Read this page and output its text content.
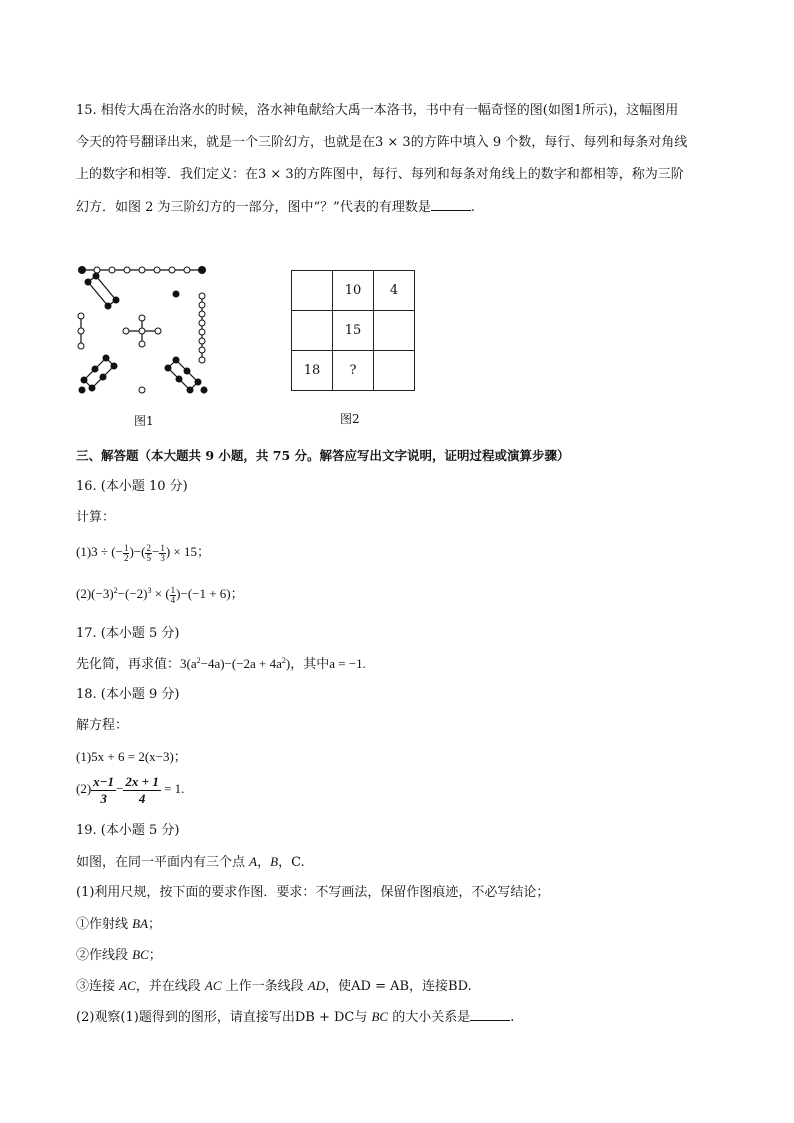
15. 相传大禹在治洛水的时候，洛水神龟献给大禹一本洛书，书中有一幅奇怪的图(如图1所示)，这幅图用
今天的符号翻译出来，就是一个三阶幻方，也就是在3 × 3的方阵中填入 9 个数，每行、每列和每条对角线
上的数字和相等．我们定义：在3 × 3的方阵图中，每行、每列和每条对角线上的数字和都相等，称为三阶
幻方．如图 2 为三阶幻方的一部分，图中“？”代表的有理数是	.
图1
	10	4
	15	
18	?	
图2
三、解答题（本大题共 9 小题，共 75 分。解答应写出文字说明，证明过程或演算步骤）
16. (本小题 10 分)
计算：
(1)3 ÷ (− $\frac{1}{2}$ )−( $\frac{2}{5} - \frac{1}{3}$ ) × 15；
$(2)(-3)^2-(-2)^3$ × ( $\frac{1}{4} )-(-1 + 6)$；
17. (本小题 5 分)
先化简，再求值：$3(a^2-4a)-(-2a + 4a^2)$，其中a = −1.
18. (本小题 9 分)
解方程：
(1)5x + 6 = 2(x−3)；
$(2) \frac{x-1}{3} - \frac{2x + 1}{4} = 1$.
19. (本小题 5 分)
如图，在同一平面内有三个点 A，B，C.
(1)利用尺规，按下面的要求作图．要求：不写画法，保留作图痕迹，不必写结论；
①作射线 BA；
②作线段 BC；
③连接 AC，并在线段 AC 上作一条线段 AD，使AD = AB，连接BD.
(2)观察(1)题得到的图形，请直接写出DB + DC与 BC 的大小关系是	.
